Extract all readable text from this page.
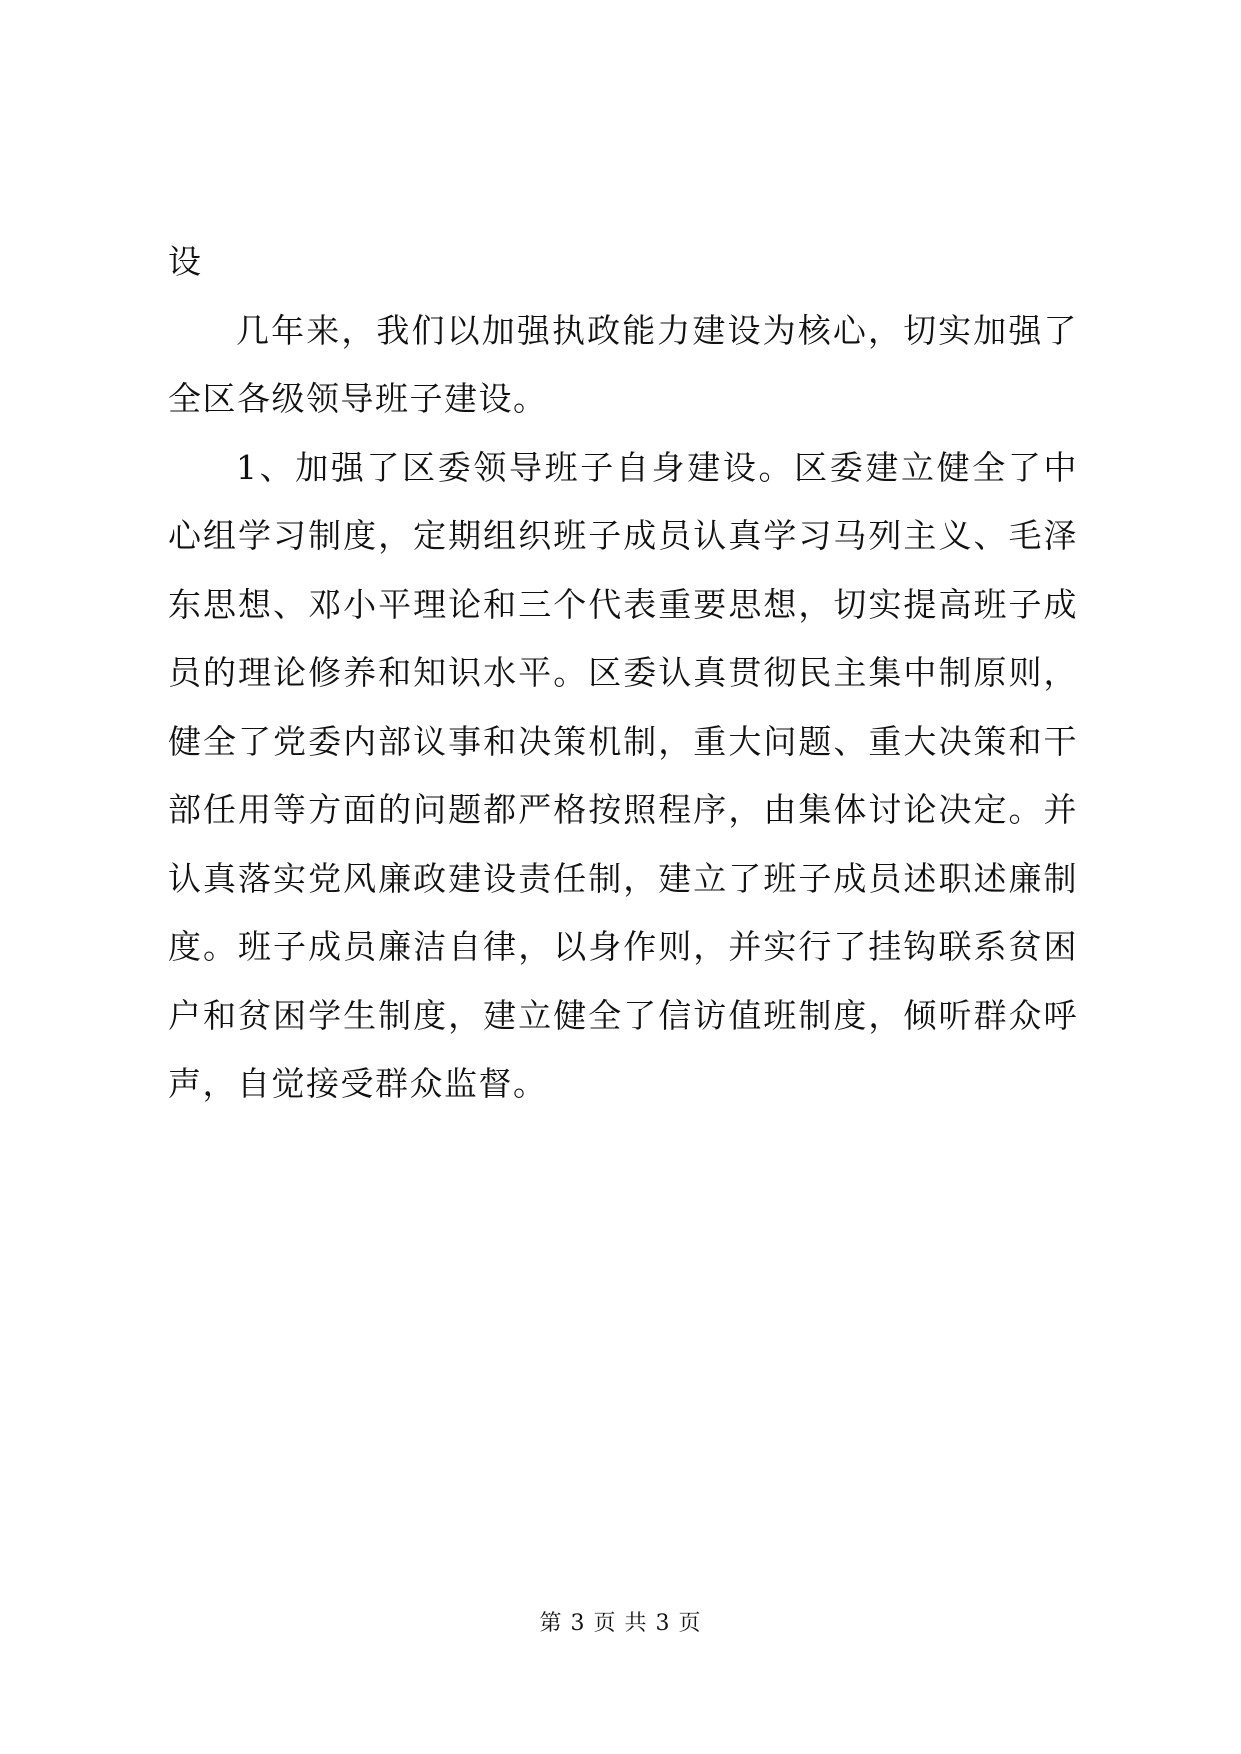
设

几年来，我们以加强执政能力建设为核心，切实加强了全区各级领导班子建设。

1、加强了区委领导班子自身建设。区委建立健全了中心组学习制度，定期组织班子成员认真学习马列主义、毛泽东思想、邓小平理论和三个代表重要思想，切实提高班子成员的理论修养和知识水平。区委认真贯彻民主集中制原则，健全了党委内部议事和决策机制，重大问题、重大决策和干部任用等方面的问题都严格按照程序，由集体讨论决定。并认真落实党风廉政建设责任制，建立了班子成员述职述廉制度。班子成员廉洁自律，以身作则，并实行了挂钩联系贫困户和贫困学生制度，建立健全了信访值班制度，倾听群众呼声，自觉接受群众监督。

第 3 页 共 3 页
